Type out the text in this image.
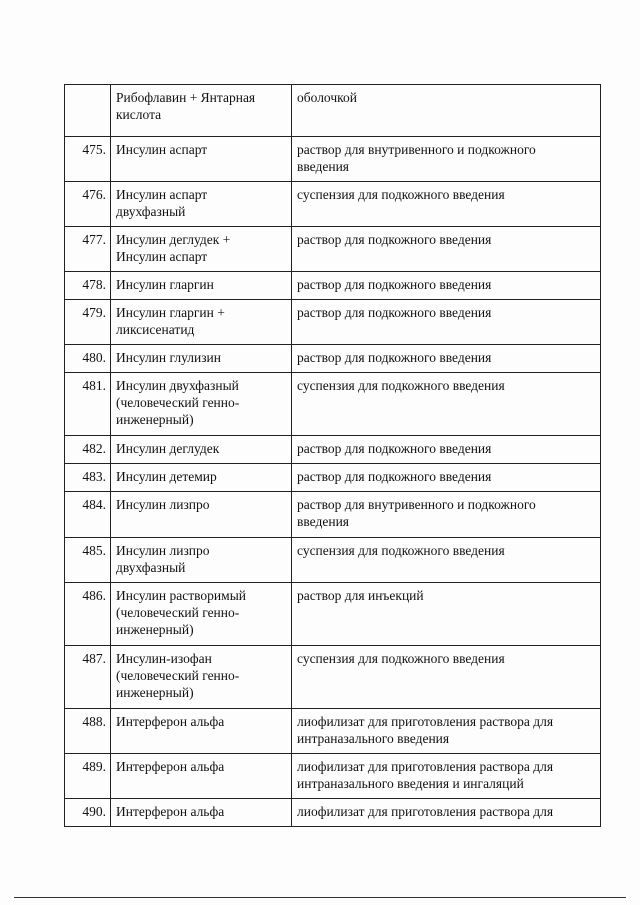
	Рибофлавин + Янтарная
кислота	оболочкой
475.	Инсулин аспарт	раствор для внутривенного и подкожного
введения
476.	Инсулин аспарт
двухфазный	суспензия для подкожного введения
477.	Инсулин деглудек +
Инсулин аспарт	раствор для подкожного введения
478.	Инсулин гларгин	раствор для подкожного введения
479.	Инсулин гларгин +
ликсисенатид	раствор для подкожного введения
480.	Инсулин глулизин	раствор для подкожного введения
481.	Инсулин двухфазный
(человеческий генно-
инженерный)	суспензия для подкожного введения
482.	Инсулин деглудек	раствор для подкожного введения
483.	Инсулин детемир	раствор для подкожного введения
484.	Инсулин лизпро	раствор для внутривенного и подкожного
введения
485.	Инсулин лизпро
двухфазный	суспензия для подкожного введения
486.	Инсулин растворимый
(человеческий генно-
инженерный)	раствор для инъекций
487.	Инсулин-изофан
(человеческий генно-
инженерный)	суспензия для подкожного введения
488.	Интерферон альфа	лиофилизат для приготовления раствора для
интраназального введения
489.	Интерферон альфа	лиофилизат для приготовления раствора для
интраназального введения и ингаляций
490.	Интерферон альфа	лиофилизат для приготовления раствора для
